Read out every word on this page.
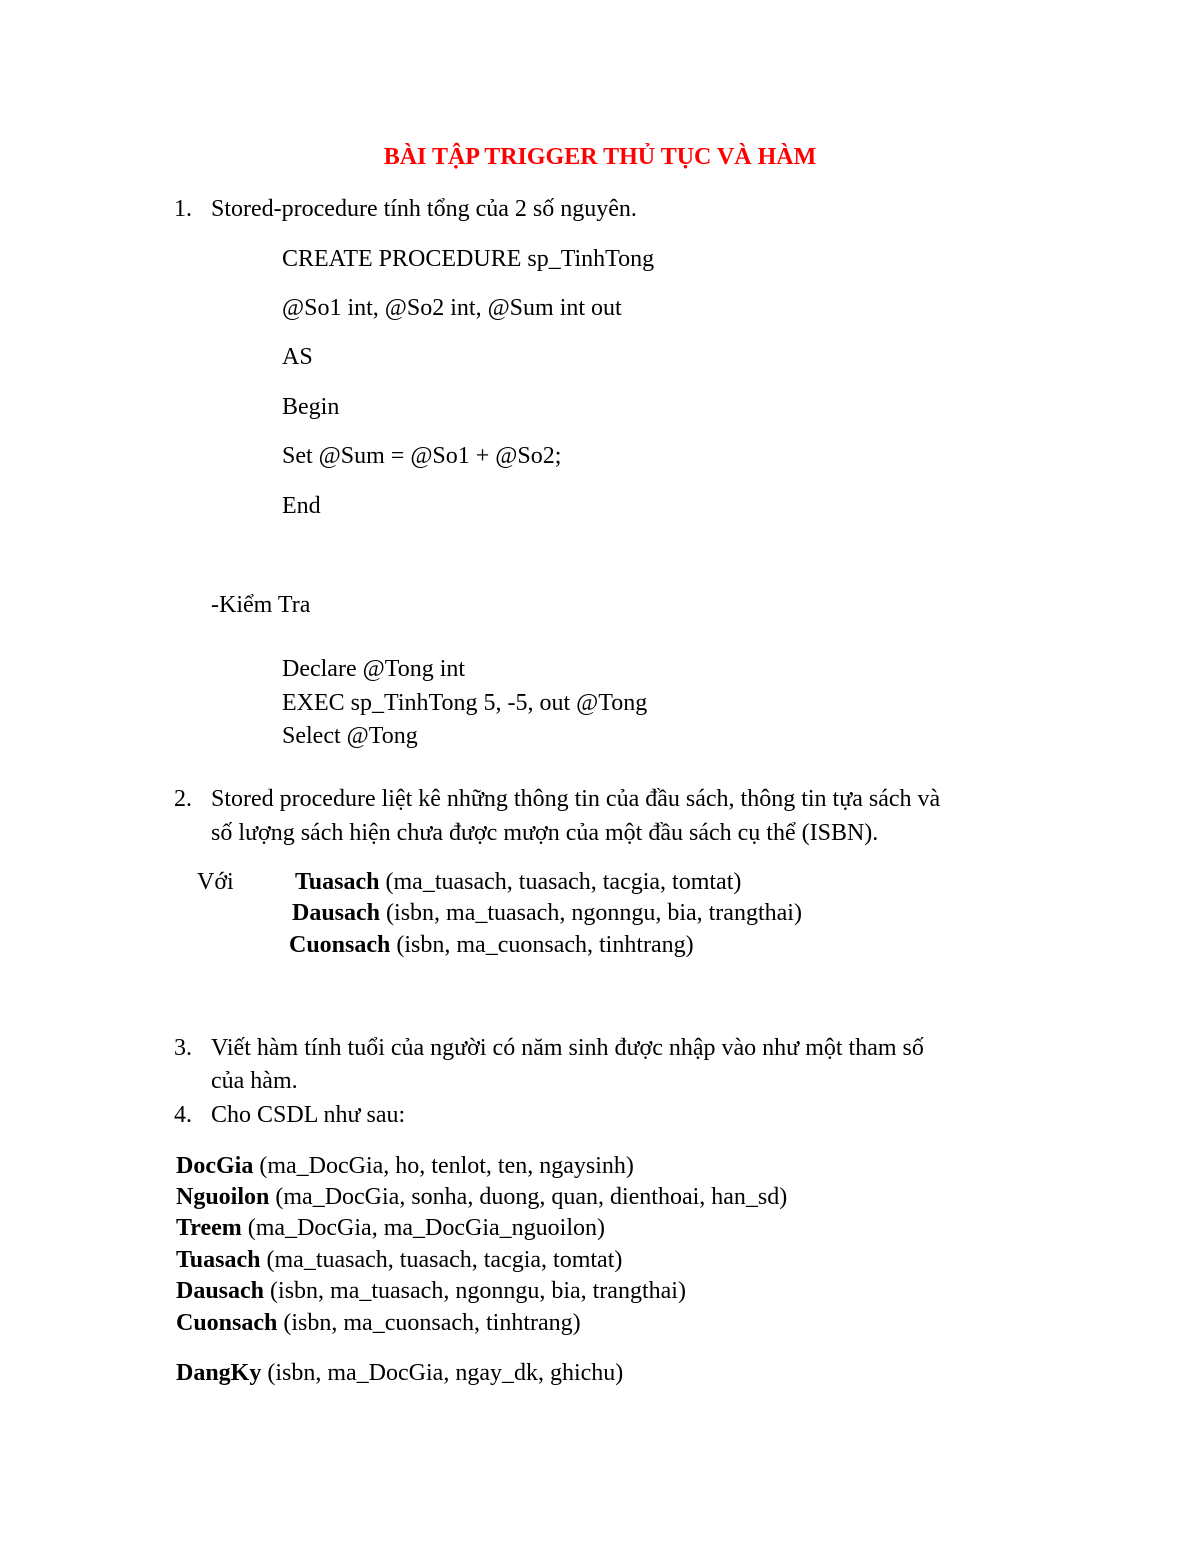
BÀI TẬP TRIGGER THỦ TỤC VÀ HÀM
1. Stored-procedure tính tổng của 2 số nguyên.
CREATE PROCEDURE sp_TinhTong
@So1 int, @So2 int, @Sum int out
AS
Begin
Set @Sum = @So1 + @So2;
End
-Kiểm Tra
Declare @Tong int
EXEC sp_TinhTong 5, -5, out @Tong
Select @Tong
2. Stored procedure liệt kê những thông tin của đầu sách, thông tin tựa sách và
số lượng sách hiện chưa được mượn của một đầu sách cụ thể (ISBN).
Với	Tuasach (ma_tuasach, tuasach, tacgia, tomtat)
Dausach (isbn, ma_tuasach, ngonngu, bia, trangthai)
Cuonsach (isbn, ma_cuonsach, tinhtrang)
3. Viết hàm tính tuổi của người có năm sinh được nhập vào như một tham số
của hàm.
4. Cho CSDL như sau:
DocGia (ma_DocGia, ho, tenlot, ten, ngaysinh)
Nguoilon (ma_DocGia, sonha, duong, quan, dienthoai, han_sd)
Treem (ma_DocGia, ma_DocGia_nguoilon)
Tuasach (ma_tuasach, tuasach, tacgia, tomtat)
Dausach (isbn, ma_tuasach, ngonngu, bia, trangthai)
Cuonsach (isbn, ma_cuonsach, tinhtrang)
DangKy (isbn, ma_DocGia, ngay_dk, ghichu)
